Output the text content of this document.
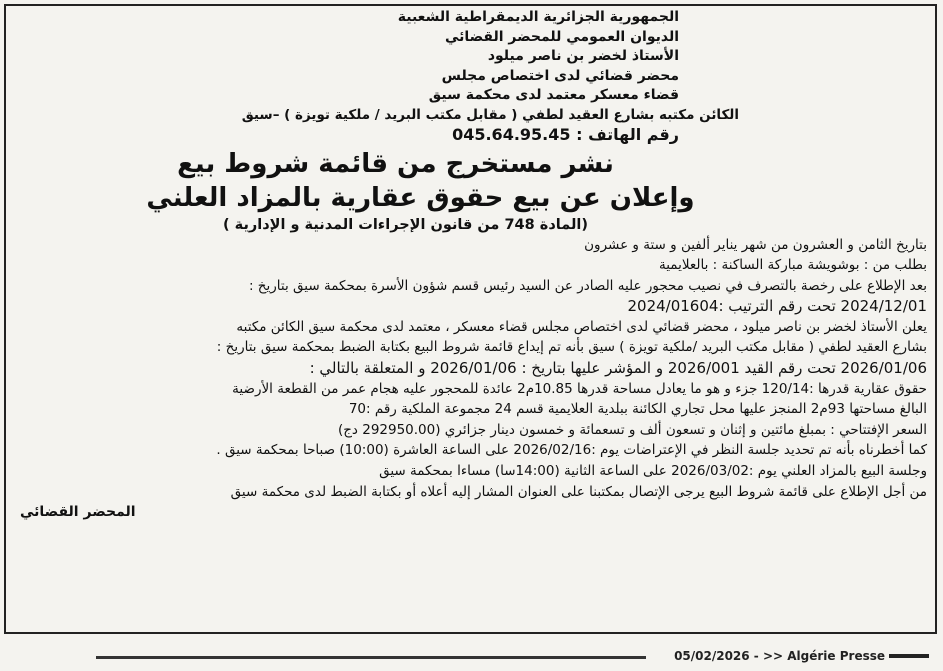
الجمهورية الجزائرية الديمقراطية الشعبية
الديوان العمومي للمحضر القضائي
الأستاذ لخضر بن ناصر ميلود
محضر قضائي لدى اختصاص مجلس
قضاء معسكر معتمد لدى محكمة سيق
الكائن مكتبه بشارع العقيد لطفي ( مقابل مكتب البريد / ملكية تويزة ) –سيق
رقم الهاتف : 045.64.95.45
نشر مستخرج من قائمة شروط بيع
وإعلان عن بيع حقوق عقارية بالمزاد العلني
(المادة 748 من قانون الإجراءات المدنية و الإدارية )

بتاريخ الثامن و العشرون من شهر يناير ألفين و ستة و عشرون

بطلب من : بوشويشة مباركة الساكنة : بالعلايمية

بعد الإطلاع على رخصة بالتصرف في نصيب محجور عليه الصادر عن السيد رئيس قسم شؤون الأسرة بمحكمة سيق بتاريخ :

2024/12/01 تحت رقم الترتيب :2024/01604

يعلن الأستاذ لخضر بن ناصر ميلود ، محضر قضائي لدى اختصاص مجلس قضاء معسكر ، معتمد لدى محكمة سيق الكائن مكتبه

بشارع العقيد لطفي ( مقابل مكتب البريد /ملكية تويزة ) سيق بأنه تم إيداع قائمة شروط البيع بكتابة الضبط بمحكمة سيق بتاريخ :

2026/01/06 تحت رقم القيد 2026/001 و المؤشر عليها بتاريخ : 2026/01/06 و المتعلقة بالتالي :

حقوق عقارية قدرها :120/14 جزء و هو ما يعادل مساحة قدرها 10.85م2 عائدة للمحجور عليه هجام عمر من القطعة الأرضية

البالغ مساحتها 93م2 المنجز عليها محل تجاري الكائنة ببلدية العلايمية قسم 24 مجموعة الملكية رقم :70

السعر الإفتتاحي : بمبلغ مائتين و إثنان و تسعون ألف و تسعمائة و خمسون دينار جزائري (292950.00 دج)

كما أخطرناه بأنه تم تحديد جلسة النظر في الإعتراضات يوم :2026/02/16 على الساعة العاشرة (10:00) صباحا بمحكمة سيق .

وجلسة البيع بالمزاد العلني يوم :2026/03/02 على الساعة الثانية (14:00سا) مساءا بمحكمة سيق

من أجل الإطلاع على قائمة شروط البيع يرجى الإتصال بمكتبنا على العنوان المشار إليه أعلاه أو بكتابة الضبط لدى محكمة سيق

المحضر القضائي
05/02/2026 - >> Algérie Presse
